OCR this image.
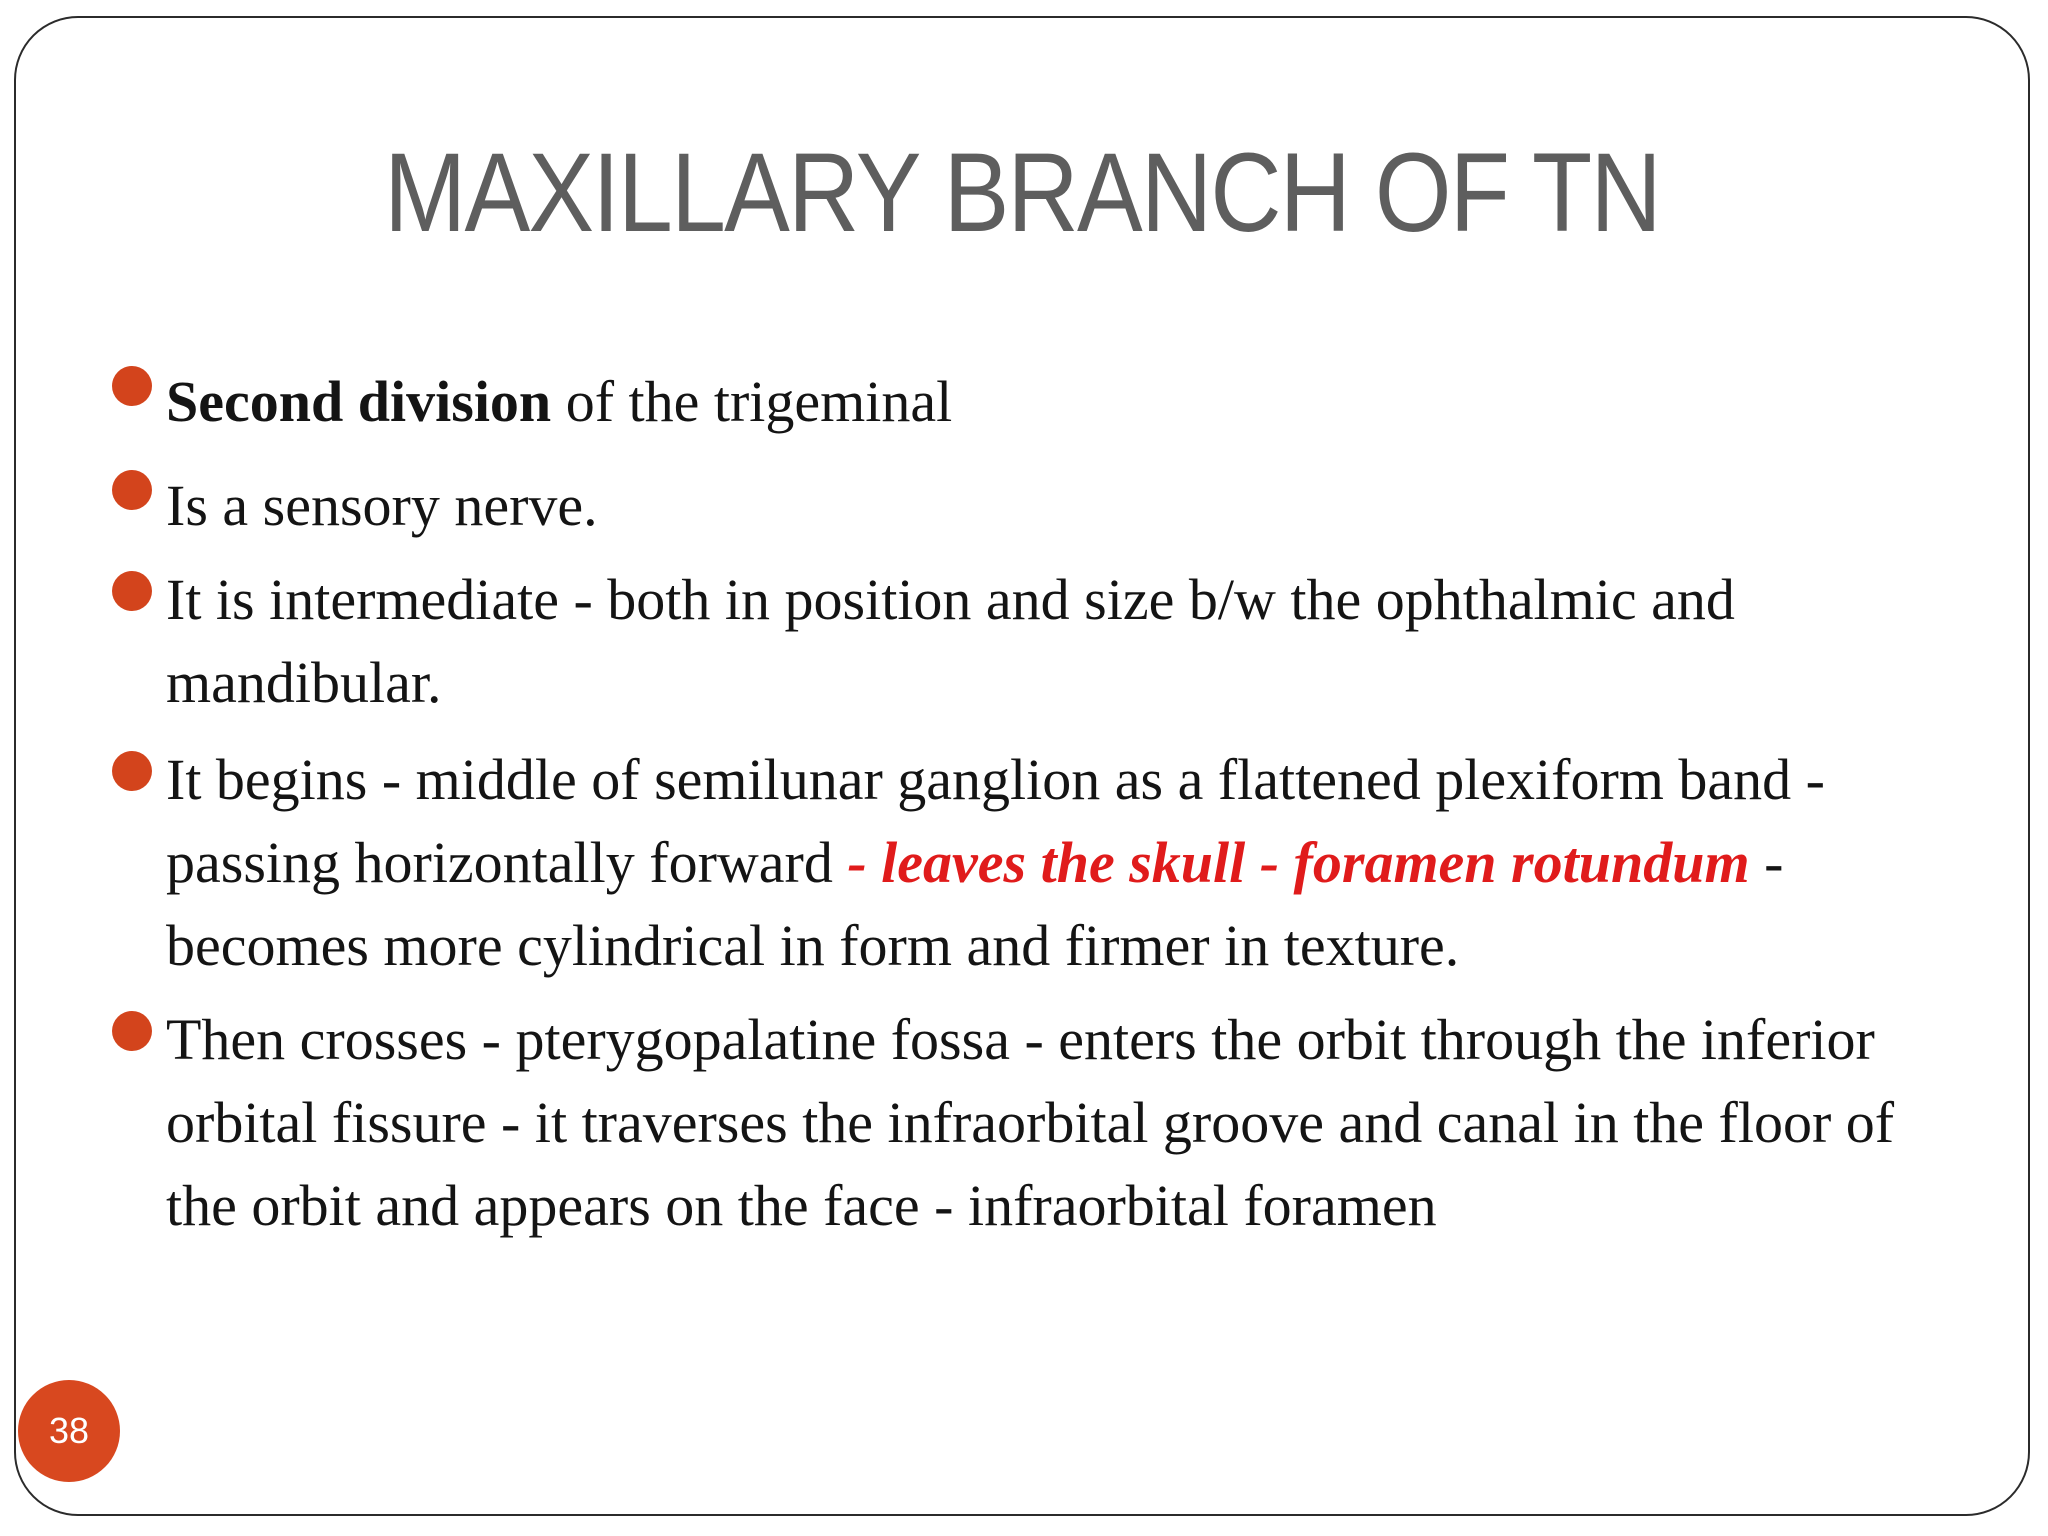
MAXILLARY BRANCH OF TN
Second division of the trigeminal
Is a sensory nerve.
It is intermediate - both in position and size b/w the ophthalmic and mandibular.
It begins - middle of semilunar ganglion as a flattened plexiform band - passing horizontally forward - leaves the skull - foramen rotundum - becomes more cylindrical in form and firmer in texture.
Then crosses - pterygopalatine fossa - enters the orbit through the inferior orbital fissure - it traverses the infraorbital groove and canal in the floor of the orbit and appears on the face - infraorbital foramen
38
